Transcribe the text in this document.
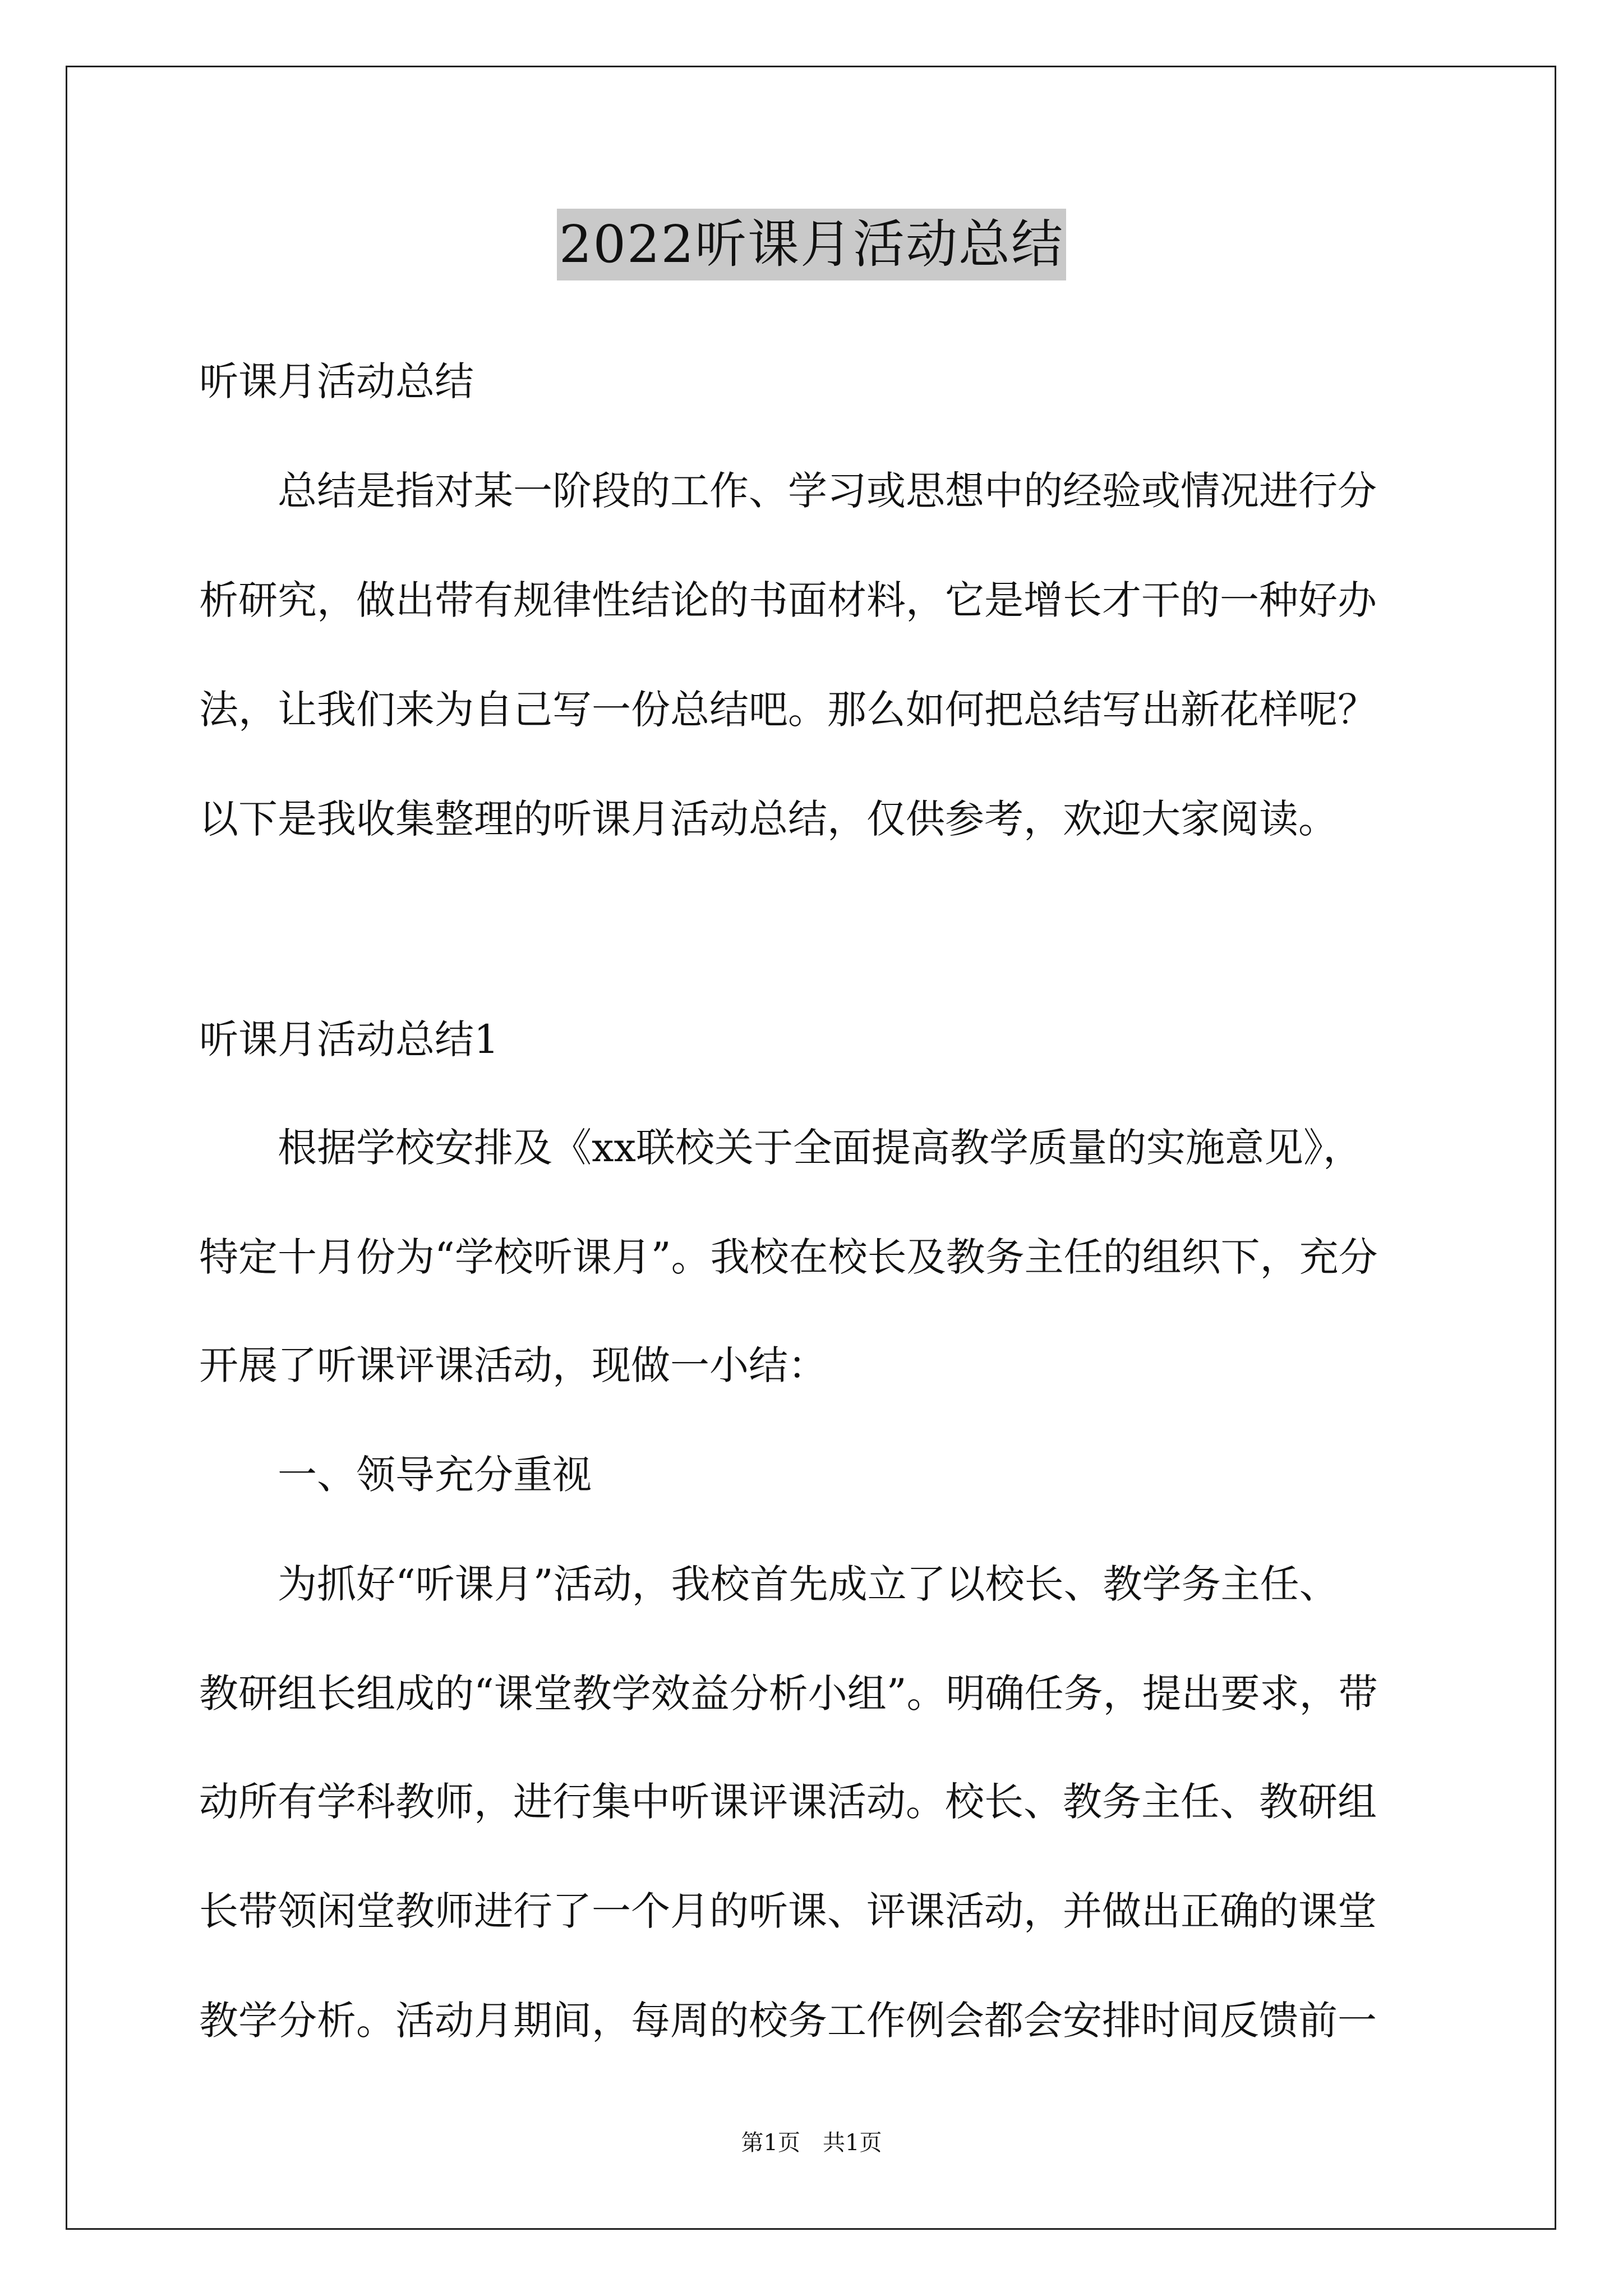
2022听课月活动总结
听课月活动总结
总结是指对某一阶段的工作、学习或思想中的经验或情况进行分
析研究，做出带有规律性结论的书面材料，它是增长才干的一种好办
法，让我们来为自己写一份总结吧。那么如何把总结写出新花样呢？
以下是我收集整理的听课月活动总结，仅供参考，欢迎大家阅读。
听课月活动总结1
根据学校安排及《xx联校关于全面提高教学质量的实施意见》，
特定十月份为“学校听课月”。我校在校长及教务主任的组织下，充分
开展了听课评课活动，现做一小结：
一、领导充分重视
为抓好“听课月”活动，我校首先成立了以校长、教学务主任、
教研组长组成的“课堂教学效益分析小组”。明确任务，提出要求，带
动所有学科教师，进行集中听课评课活动。校长、教务主任、教研组
长带领闲堂教师进行了一个月的听课、评课活动，并做出正确的课堂
教学分析。活动月期间，每周的校务工作例会都会安排时间反馈前一
第1页　共1页
